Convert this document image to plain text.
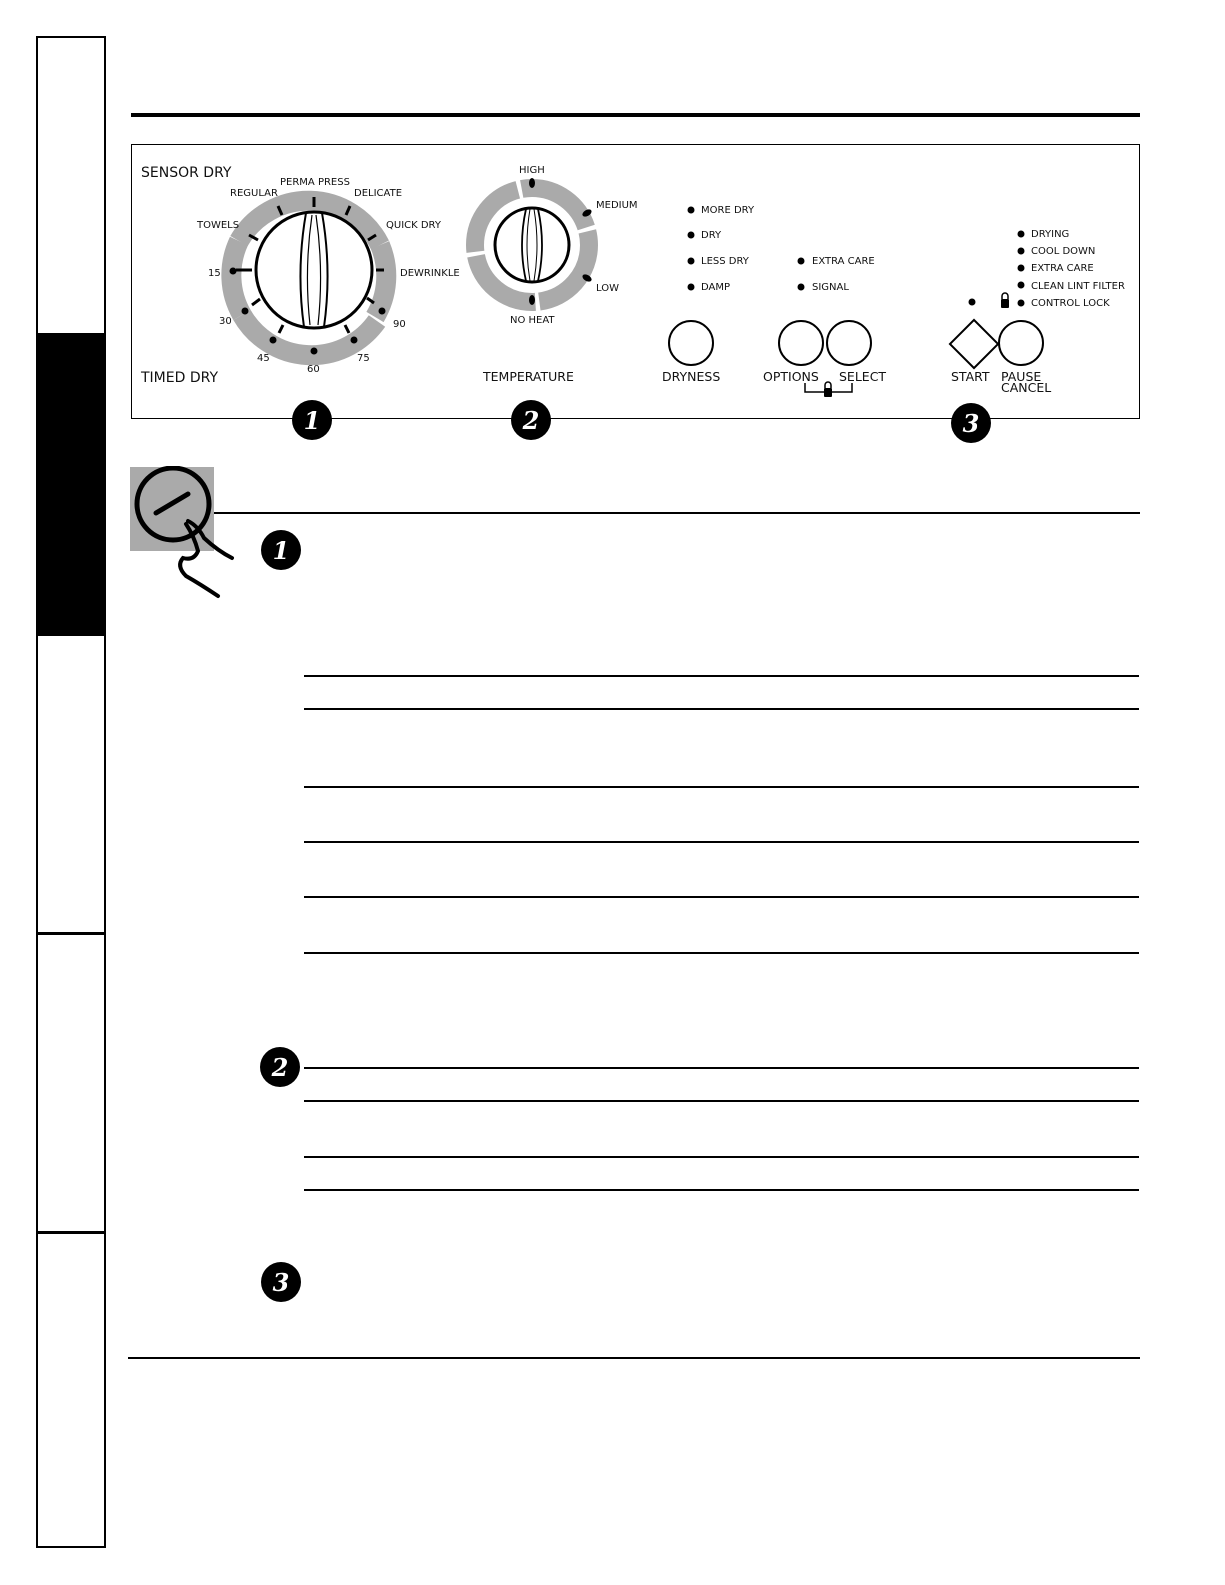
SENSOR DRY
TIMED DRY
REGULAR
PERMA PRESS
DELICATE
TOWELS	QUICK DRY
DEWRINKLE
15
30
45
60
75
90
HIGH
MEDIUM
LOW
NO HEAT
TEMPERATURE
MORE DRY
DRY
LESS DRY
DAMP
DRYNESS
EXTRA CARE
SIGNAL
OPTIONS SELECT
DRYING
COOL DOWN
EXTRA CARE
CLEAN LINT FILTER
CONTROL LOCK
START PAUSE
CANCEL
1	2	3
1
2
3
